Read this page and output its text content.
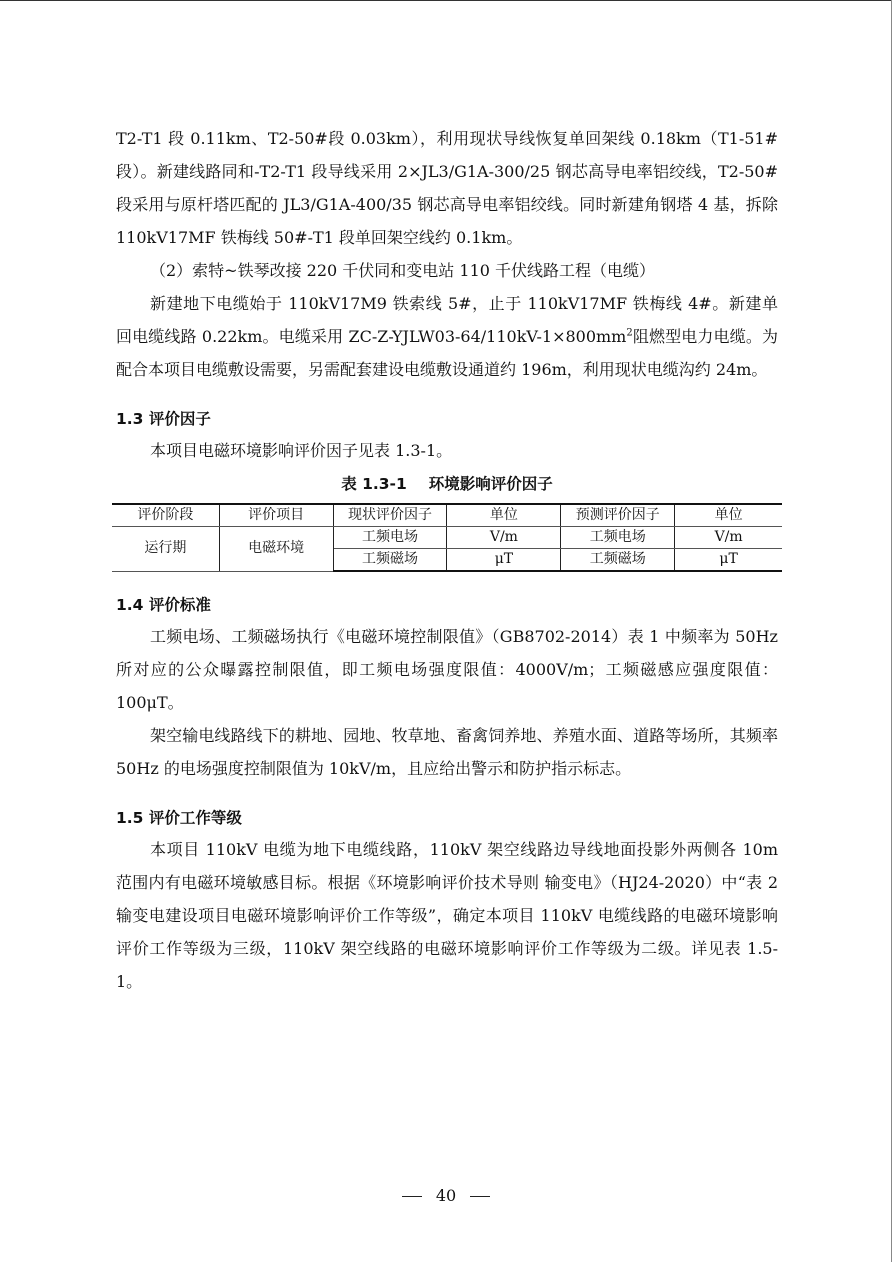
T2-T1 段 0.11km、T2-50#段 0.03km），利用现状导线恢复单回架线 0.18km（T1-51#段）。新建线路同和-T2-T1 段导线采用 2×JL3/G1A-300/25 钢芯高导电率铝绞线，T2-50#段采用与原杆塔匹配的 JL3/G1A-400/35 钢芯高导电率铝绞线。同时新建角钢塔 4 基，拆除 110kV17MF 铁梅线 50#-T1 段单回架空线约 0.1km。

（2）索特~铁琴改接 220 千伏同和变电站 110 千伏线路工程（电缆）

新建地下电缆始于 110kV17M9 铁索线 5#，止于 110kV17MF 铁梅线 4#。新建单回电缆线路 0.22km。电缆采用 $ZC-Z-YJLW03-64/110kV-1\times 800mm^2$阻燃型电力电缆。为配合本项目电缆敷设需要，另需配套建设电缆敷设通道约 196m，利用现状电缆沟约 24m。

1.3 评价因子

本项目电磁环境影响评价因子见表 1.3-1。

表 1.3-1 环境影响评价因子
评价阶段	评价项目	现状评价因子	单位	预测评价因子	单位
运行期	电磁环境	工频电场	V/m	工频电场	V/m
		工频磁场	μT	工频磁场	μT
1.4 评价标准

工频电场、工频磁场执行《电磁环境控制限值》（GB8702-2014）表 1 中频率为 50Hz 所对应的公众曝露控制限值，即工频电场强度限值：4000V/m；工频磁感应强度限值：100μT。

架空输电线路线下的耕地、园地、牧草地、畜禽饲养地、养殖水面、道路等场所，其频率 50Hz 的电场强度控制限值为 10kV/m，且应给出警示和防护指示标志。

1.5 评价工作等级

本项目 110kV 电缆为地下电缆线路，110kV 架空线路边导线地面投影外两侧各 10m 范围内有电磁环境敏感目标。根据《环境影响评价技术导则 输变电》（HJ24-2020）中“表 2 输变电建设项目电磁环境影响评价工作等级”，确定本项目 110kV 电缆线路的电磁环境影响评价工作等级为三级，110kV 架空线路的电磁环境影响评价工作等级为二级。详见表 1.5-1。

40
